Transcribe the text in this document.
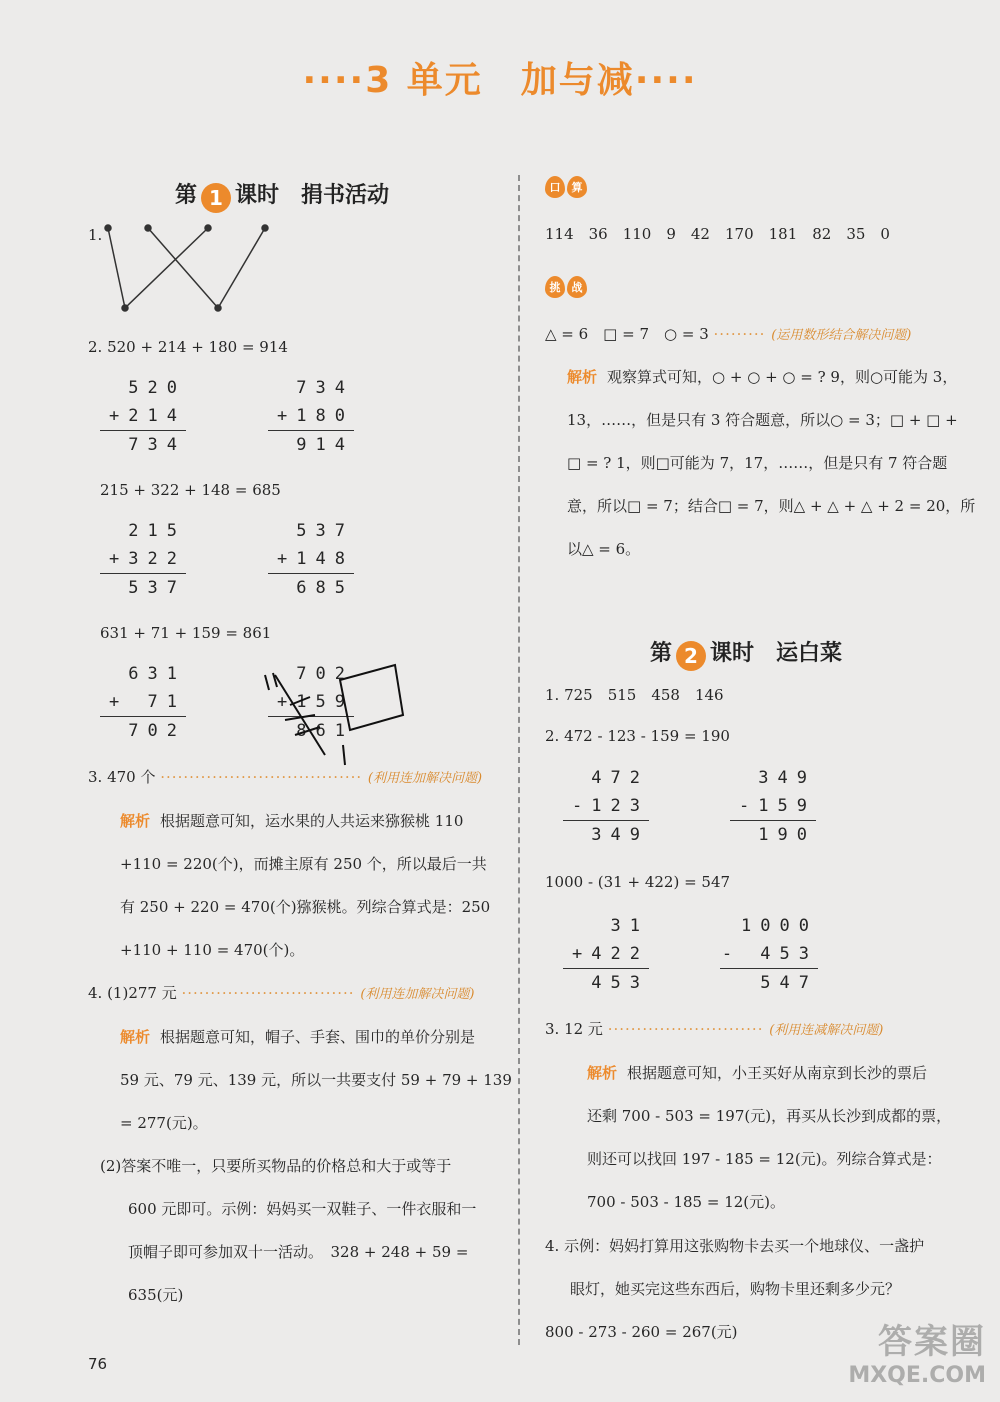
····3 单元　加与减····
第 1 课时　捐书活动
1.
2. 520 + 214 + 180 = 914
520
+214
734
734
+180
914
215 + 322 + 148 = 685
215
+322
537
537
+148
685
631 + 71 + 159 = 861
631
+ 71
702
702
+159
861
3. 470 个 ··································· (利用连加解决问题)
解析 根据题意可知，运水果的人共运来猕猴桃 110
+110 = 220(个)，而摊主原有 250 个，所以最后一共
有 250 + 220 = 470(个)猕猴桃。列综合算式是：250
+110 + 110 = 470(个)。
4. (1)277 元 ······························ (利用连加解决问题)
解析 根据题意可知，帽子、手套、围巾的单价分别是
59 元、79 元、139 元，所以一共要支付 59 + 79 + 139
= 277(元)。
(2)答案不唯一，只要所买物品的价格总和大于或等于
600 元即可。示例：妈妈买一双鞋子、一件衣服和一
顶帽子即可参加双十一活动。　328 + 248 + 59 =
635(元)
口	算
114　36　110　9　42　170　181　82　35　0
挑	战
△ = 6　□ = 7　○ = 3 ········· (运用数形结合解决问题)
解析 观察算式可知，○ + ○ + ○ = ? 9，则○可能为 3，
13，……，但是只有 3 符合题意，所以○ = 3；□ + □ +
□ = ? 1，则□可能为 7，17，……，但是只有 7 符合题
意，所以□ = 7；结合□ = 7，则△ + △ + △ + 2 = 20，所
以△ = 6。
第 2 课时　运白菜
1. 725　515　458　146
2. 472 - 123 - 159 = 190
472
-123
349
349
-159
190
1000 - (31 + 422) = 547
31
+422
453
1000
- 453
547
3. 12 元 ··························· (利用连减解决问题)
解析 根据题意可知，小王买好从南京到长沙的票后
还剩 700 - 503 = 197(元)，再买从长沙到成都的票，
则还可以找回 197 - 185 = 12(元)。列综合算式是：
700 - 503 - 185 = 12(元)。
4. 示例：妈妈打算用这张购物卡去买一个地球仪、一盏护
眼灯，她买完这些东西后，购物卡里还剩多少元？
800 - 273 - 260 = 267(元)
76
答案圈
MXQE.COM
